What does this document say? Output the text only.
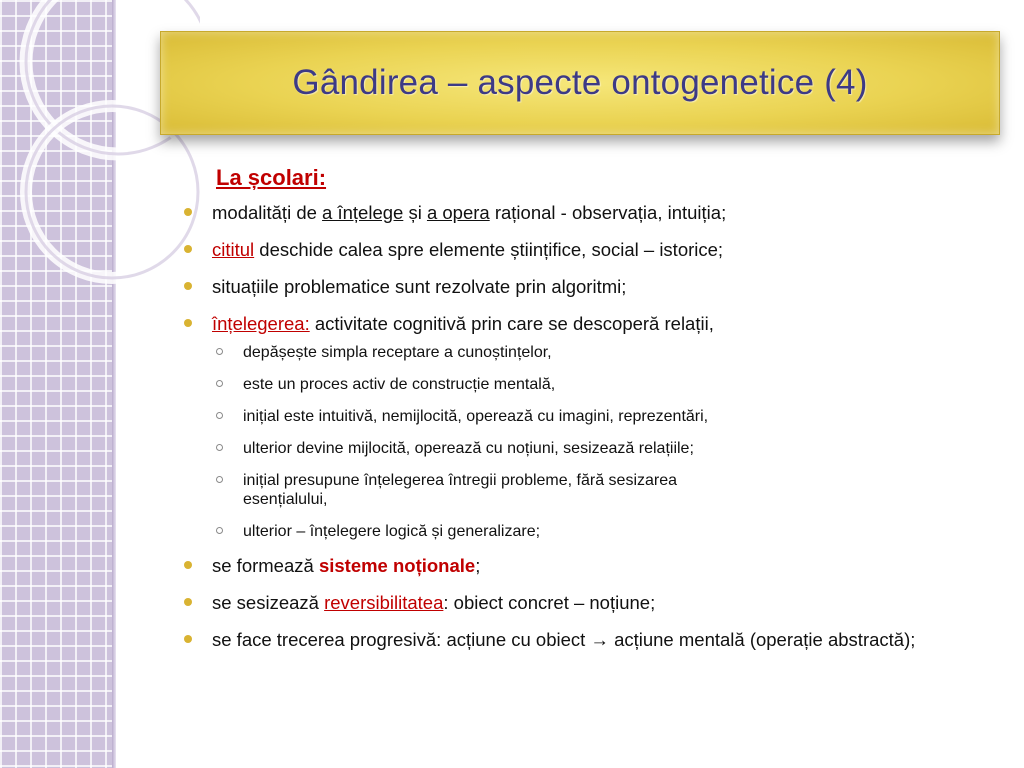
Gândirea – aspecte ontogenetice (4)
La școlari:
modalități de a înțelege și a opera rațional - observația, intuiția;
cititul deschide calea spre elemente științifice, social – istorice;
situațiile problematice sunt rezolvate prin algoritmi;
înțelegerea: activitate cognitivă prin care se descoperă relații,
depășește simpla receptare a cunoștințelor,
este un proces activ de construcție mentală,
inițial este intuitivă, nemijlocită, operează cu imagini, reprezentări,
ulterior devine mijlocită, operează cu noțiuni, sesizează relațiile;
inițial presupune înțelegerea întregii probleme, fără sesizarea esențialului,
ulterior – înțelegere logică și generalizare;
se formează sisteme noționale;
se sesizează reversibilitatea: obiect concret – noțiune;
se face trecerea progresivă: acțiune cu obiect → acțiune mentală (operație abstractă);
